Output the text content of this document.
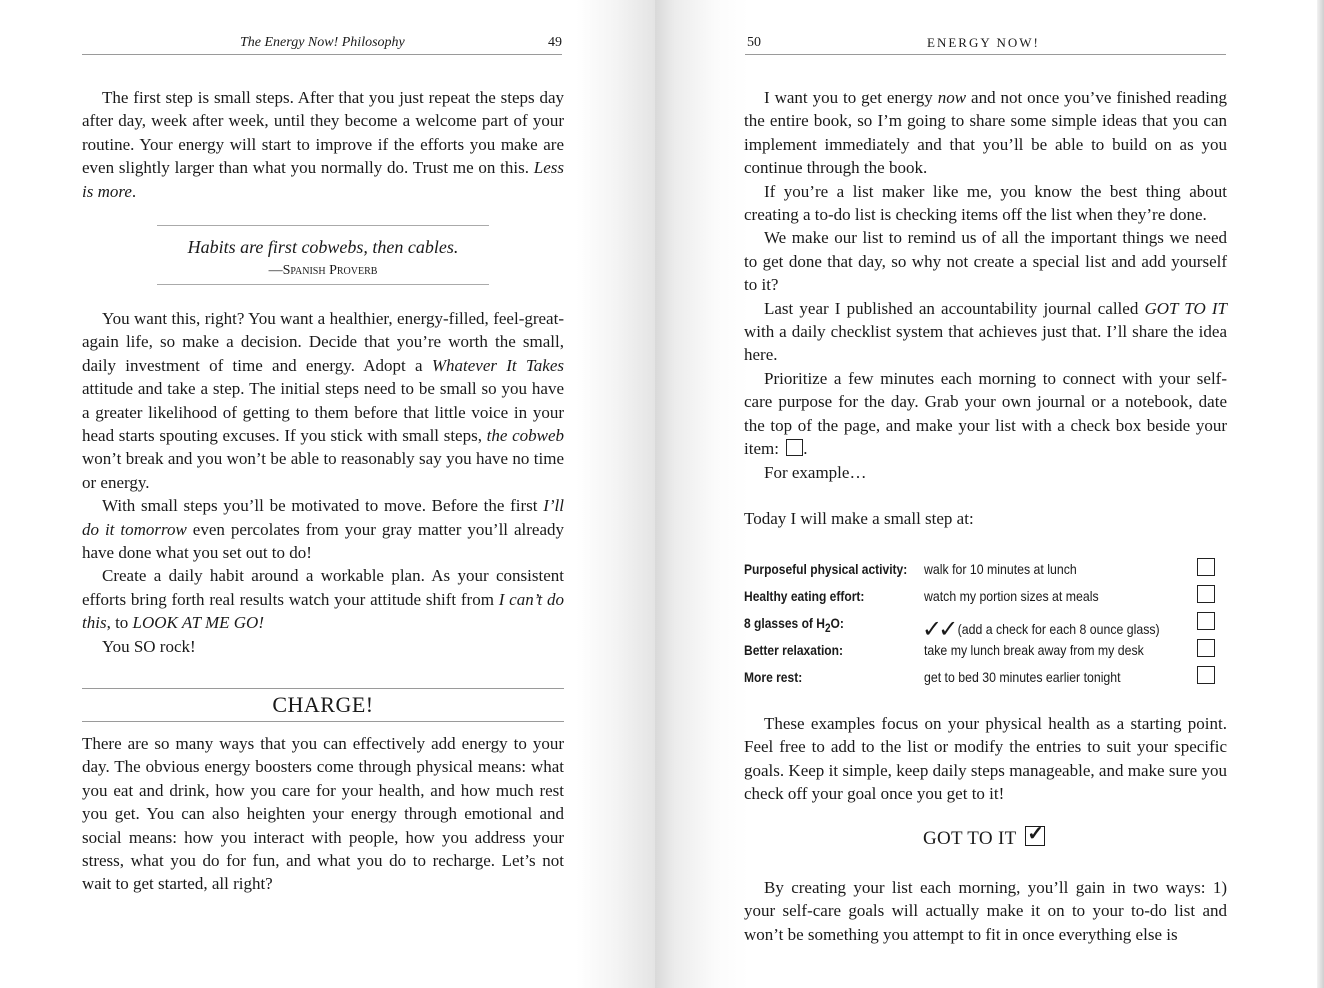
The Energy Now! Philosophy	49

The first step is small steps. After that you just repeat the steps day after day, week after week, until they become a welcome part of your routine. Your energy will start to improve if the efforts you make are even slightly larger than what you normally do. Trust me on this. Less is more.

Habits are first cobwebs, then cables.
—Spanish Proverb

You want this, right? You want a healthier, energy-filled, feel-great-again life, so make a decision. Decide that you’re worth the small, daily investment of time and energy. Adopt a Whatever It Takes attitude and take a step. The initial steps need to be small so you have a greater likelihood of getting to them before that little voice in your head starts spouting excuses. If you stick with small steps, the cobweb won’t break and you won’t be able to reasonably say you have no time or energy.

With small steps you’ll be motivated to move. Before the first I’ll do it tomorrow even percolates from your gray matter you’ll already have done what you set out to do!

Create a daily habit around a workable plan. As your consistent efforts bring forth real results watch your attitude shift from I can’t do this, to LOOK AT ME GO!

You SO rock!

CHARGE!

There are so many ways that you can effectively add energy to your day. The obvious energy boosters come through physical means: what you eat and drink, how you care for your health, and how much rest you get. You can also heighten your energy through emotional and social means: how you interact with people, how you address your stress, what you do for fun, and what you do to recharge. Let’s not wait to get started, all right?

50	ENERGY NOW!

I want you to get energy now and not once you’ve finished reading the entire book, so I’m going to share some simple ideas that you can implement immediately and that you’ll be able to build on as you continue through the book.

If you’re a list maker like me, you know the best thing about creating a to-do list is checking items off the list when they’re done.

We make our list to remind us of all the important things we need to get done that day, so why not create a special list and add yourself to it?

Last year I published an accountability journal called GOT TO IT with a daily checklist system that achieves just that. I’ll share the idea here.

Prioritize a few minutes each morning to connect with your self-care purpose for the day. Grab your own journal or a notebook, date the top of the page, and make your list with a check box beside your item: .

For example…

Today I will make a small step at:
Purposeful physical activity: walk for 10 minutes at lunch
Healthy eating effort:	watch my portion sizes at meals
8 glasses of $H_2O$:	✓✓ (add a check for each 8 ounce glass)
Better relaxation:	take my lunch break away from my desk
More rest:	get to bed 30 minutes earlier tonight

These examples focus on your physical health as a starting point. Feel free to add to the list or modify the entries to suit your specific goals. Keep it simple, keep daily steps manageable, and make sure you check off your goal once you get to it!

GOT TO IT ✓

By creating your list each morning, you’ll gain in two ways: 1) your self-care goals will actually make it on to your to-do list and won’t be something you attempt to fit in once everything else is
